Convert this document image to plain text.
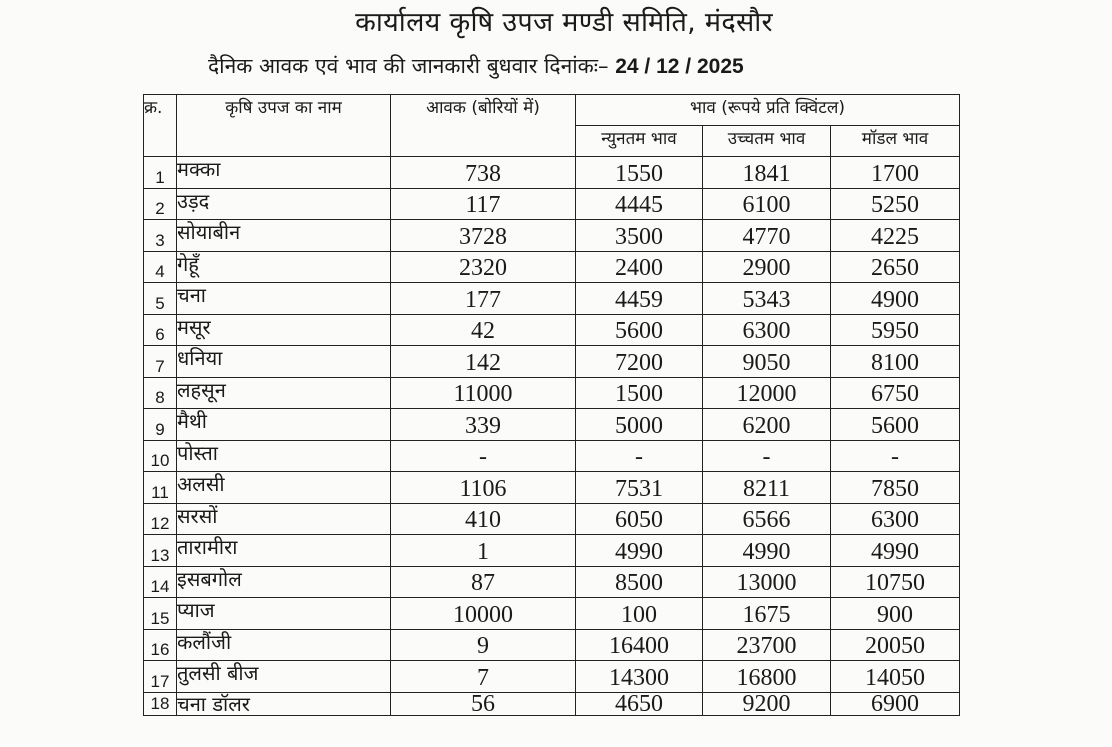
कार्यालय कृषि उपज मण्डी समिति, मंदसौर
दैनिक आवक एवं भाव की जानकारी बुधवार दिनांकः– 24 / 12 / 2025
क्र.	कृषि उपज का नाम	आवक (बोरियों में)	भाव (रूपये प्रति क्विंटल)		
			न्युनतम भाव	उच्चतम भाव	मॉडल भाव
1	मक्का	738	1550	1841	1700
2	उड़द	117	4445	6100	5250
3	सोयाबीन	3728	3500	4770	4225
4	गेहूँ	2320	2400	2900	2650
5	चना	177	4459	5343	4900
6	मसूर	42	5600	6300	5950
7	धनिया	142	7200	9050	8100
8	लहसून	11000	1500	12000	6750
9	मैथी	339	5000	6200	5600
10	पोस्ता	-	-	-	-
11	अलसी	1106	7531	8211	7850
12	सरसों	410	6050	6566	6300
13	तारामीरा	1	4990	4990	4990
14	इसबगोल	87	8500	13000	10750
15	प्याज	10000	100	1675	900
16	कलौंजी	9	16400	23700	20050
17	तुलसी बीज	7	14300	16800	14050
18	चना डॉलर	56	4650	9200	6900
